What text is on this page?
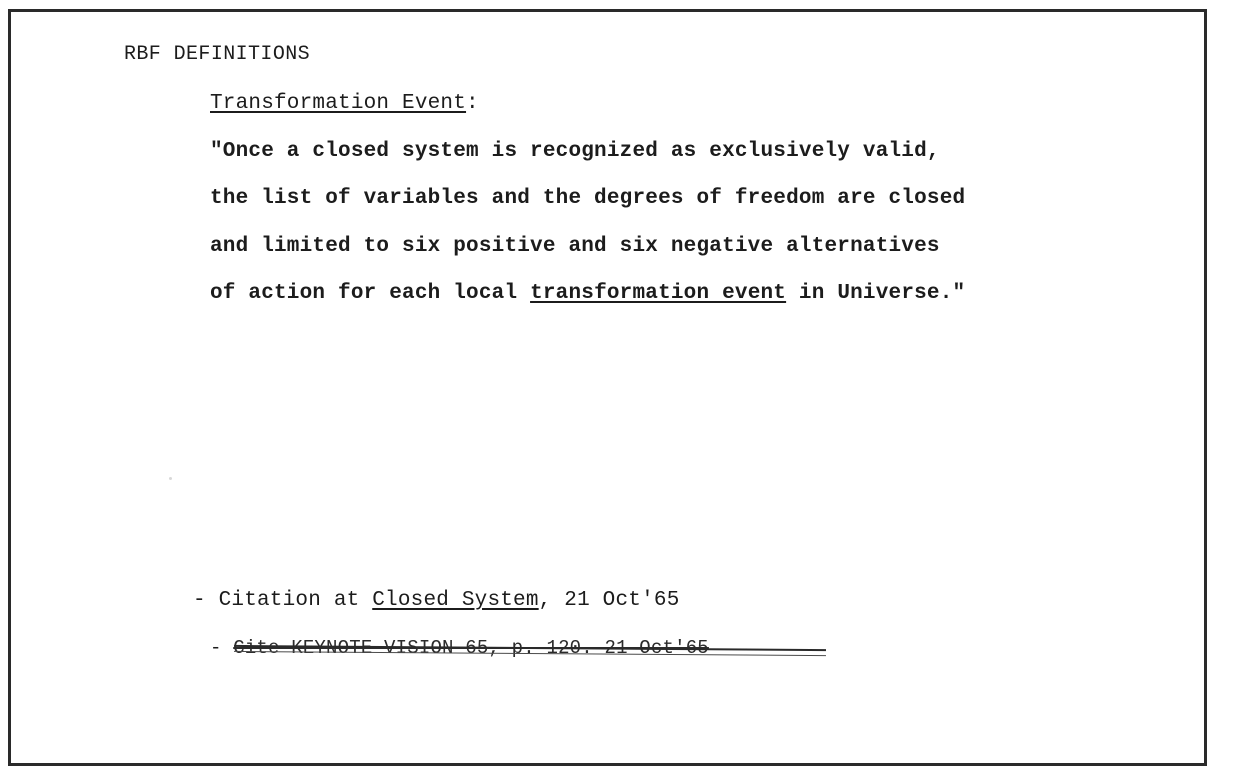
RBF DEFINITIONS
Transformation Event:
"Once a closed system is recognized as exclusively valid,
the list of variables and the degrees of freedom are closed
and limited to six positive and six negative alternatives
of action for each local transformation event in Universe."
- Citation at Closed System, 21 Oct'65
- Cite KEYNOTE VISION 65, p. 120. 21 Oct'65
